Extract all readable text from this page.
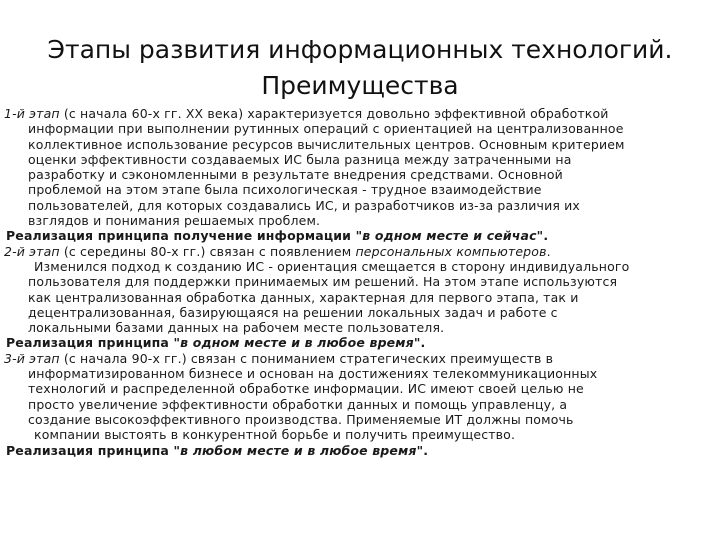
Этапы развития информационных технологий.
Преимущества
1-й этап (с начала 60-х гг. XX века) характеризуется довольно эффективной обработкой
информации при выполнении рутинных операций с ориентацией на централизованное
коллективное использование ресурсов вычислительных центров. Основным критерием
оценки эффективности создаваемых ИС была разница между затраченными на
разработку и сэкономленными в результате внедрения средствами. Основной
проблемой на этом этапе была психологическая - трудное взаимодействие
пользователей, для которых создавались ИС, и разработчиков из-за различия их
взглядов и понимания решаемых проблем.
Реализация принципа получение информации "в одном месте и сейчас".
2-й этап (с середины 80-х гг.) связан с появлением персональных компьютеров.
Изменился подход к созданию ИС - ориентация смещается в сторону индивидуального
пользователя для поддержки принимаемых им решений. На этом этапе используются
как централизованная обработка данных, характерная для первого этапа, так и
децентрализованная, базирующаяся на решении локальных задач и работе с
локальными базами данных на рабочем месте пользователя.
Реализация принципа "в одном месте и в любое время".
3-й этап (с начала 90-х гг.) связан с пониманием стратегических преимуществ в
информатизированном бизнесе и основан на достижениях телекоммуникационных
технологий и распределенной обработке информации. ИС имеют своей целью не
просто увеличение эффективности обработки данных и помощь управленцу, а
создание высокоэффективного производства. Применяемые ИТ должны помочь
компании выстоять в конкурентной борьбе и получить преимущество.
Реализация принципа "в любом месте и в любое время".
